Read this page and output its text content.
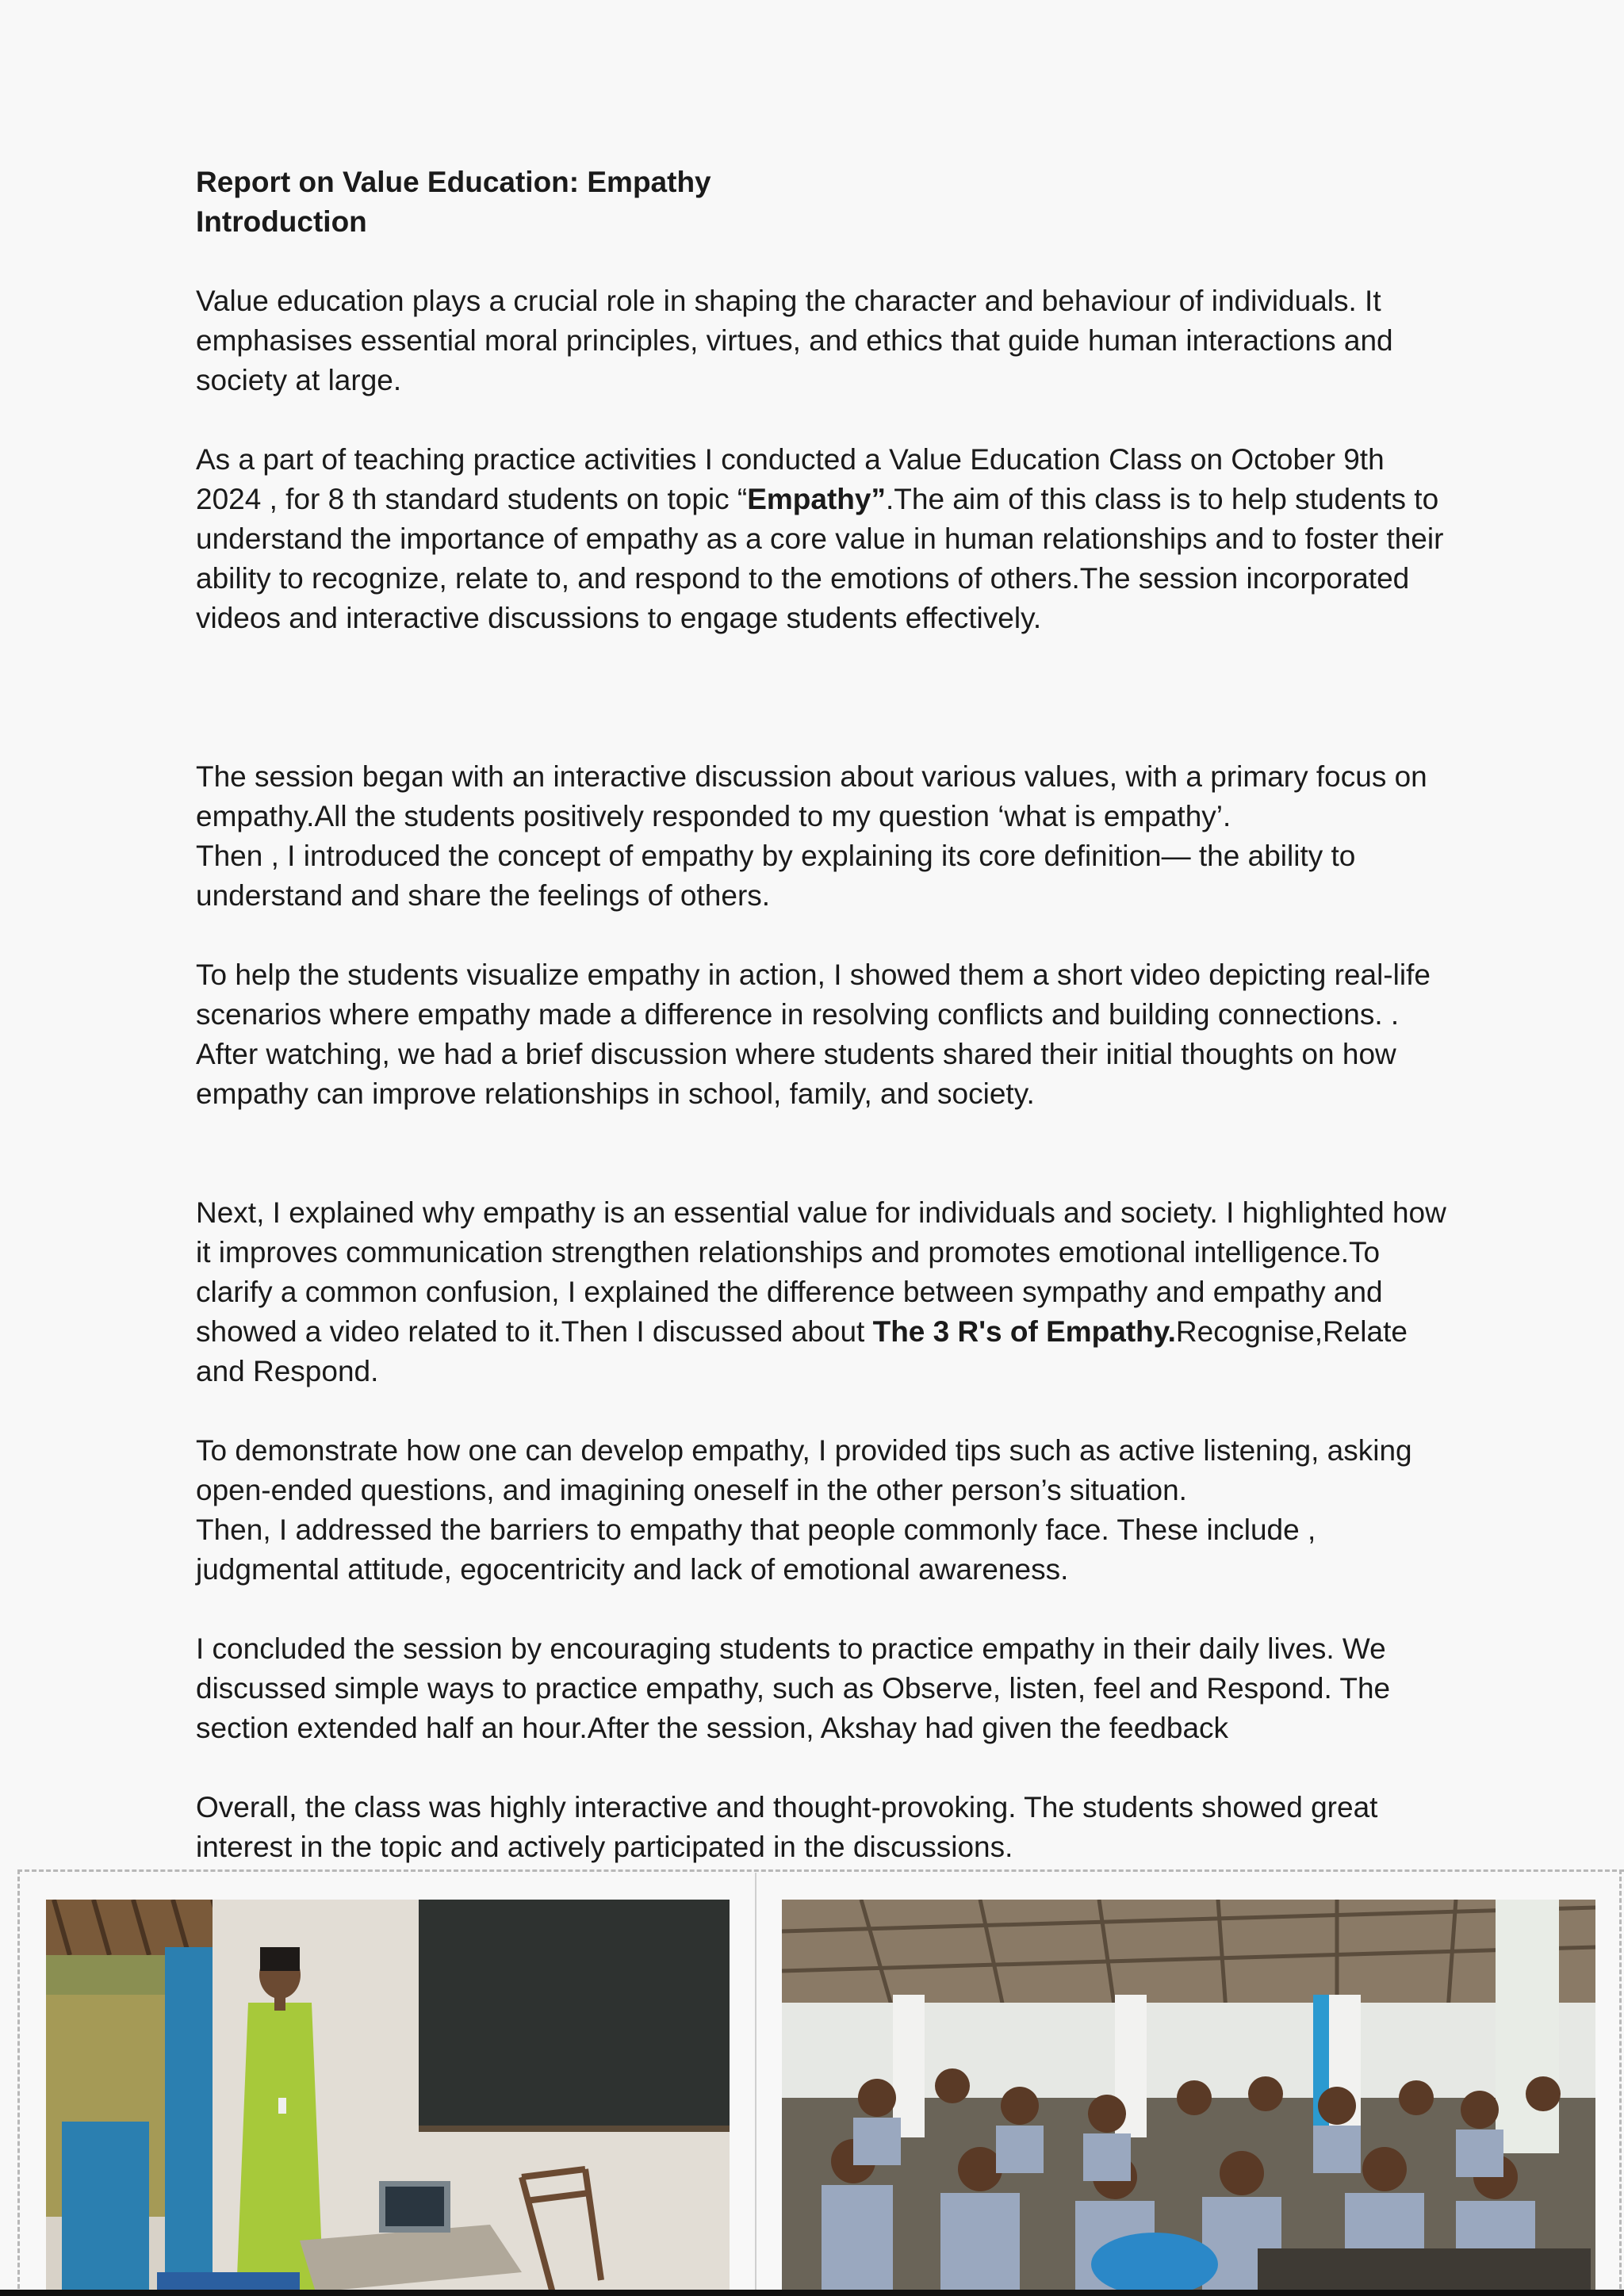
Report on Value Education: Empathy

Introduction

Value education plays a crucial role in shaping the character and behaviour of individuals. It emphasises essential moral principles, virtues, and ethics that guide human interactions and society at large.

As a part of teaching practice activities I conducted a Value Education Class on October 9th 2024 , for 8 th standard students on topic “Empathy”.The aim of this class is to help students to understand the importance of empathy as a core value in human relationships and to foster their ability to recognize, relate to, and respond to the emotions of others.The session incorporated videos and interactive discussions to engage students effectively.

The session began with an interactive discussion about various values, with a primary focus on empathy.All the students positively responded to my question ‘what is empathy’.

Then , I introduced the concept of empathy by explaining its core definition— the ability to understand and share the feelings of others.

To help the students visualize empathy in action, I showed them a short video depicting real-life scenarios where empathy made a difference in resolving conflicts and building connections. . After watching, we had a brief discussion where students shared their initial thoughts on how empathy can improve relationships in school, family, and society.

Next, I explained why empathy is an essential value for individuals and society. I highlighted how it improves communication strengthen relationships and promotes emotional intelligence.To clarify a common confusion, I explained the difference between sympathy and empathy and showed a video related to it.Then I discussed about The 3 R's of Empathy.Recognise,Relate and Respond.

To demonstrate how one can develop empathy, I provided tips such as active listening, asking open-ended questions, and imagining oneself in the other person’s situation.

Then, I addressed the barriers to empathy that people commonly face. These include , judgmental attitude, egocentricity and lack of emotional awareness.

I concluded the session by encouraging students to practice empathy in their daily lives. We discussed simple ways to practice empathy, such as Observe, listen, feel and Respond. The section extended half an hour.After the session, Akshay had given the feedback

Overall, the class was highly interactive and thought-provoking. The students showed great interest in the topic and actively participated in the discussions.
